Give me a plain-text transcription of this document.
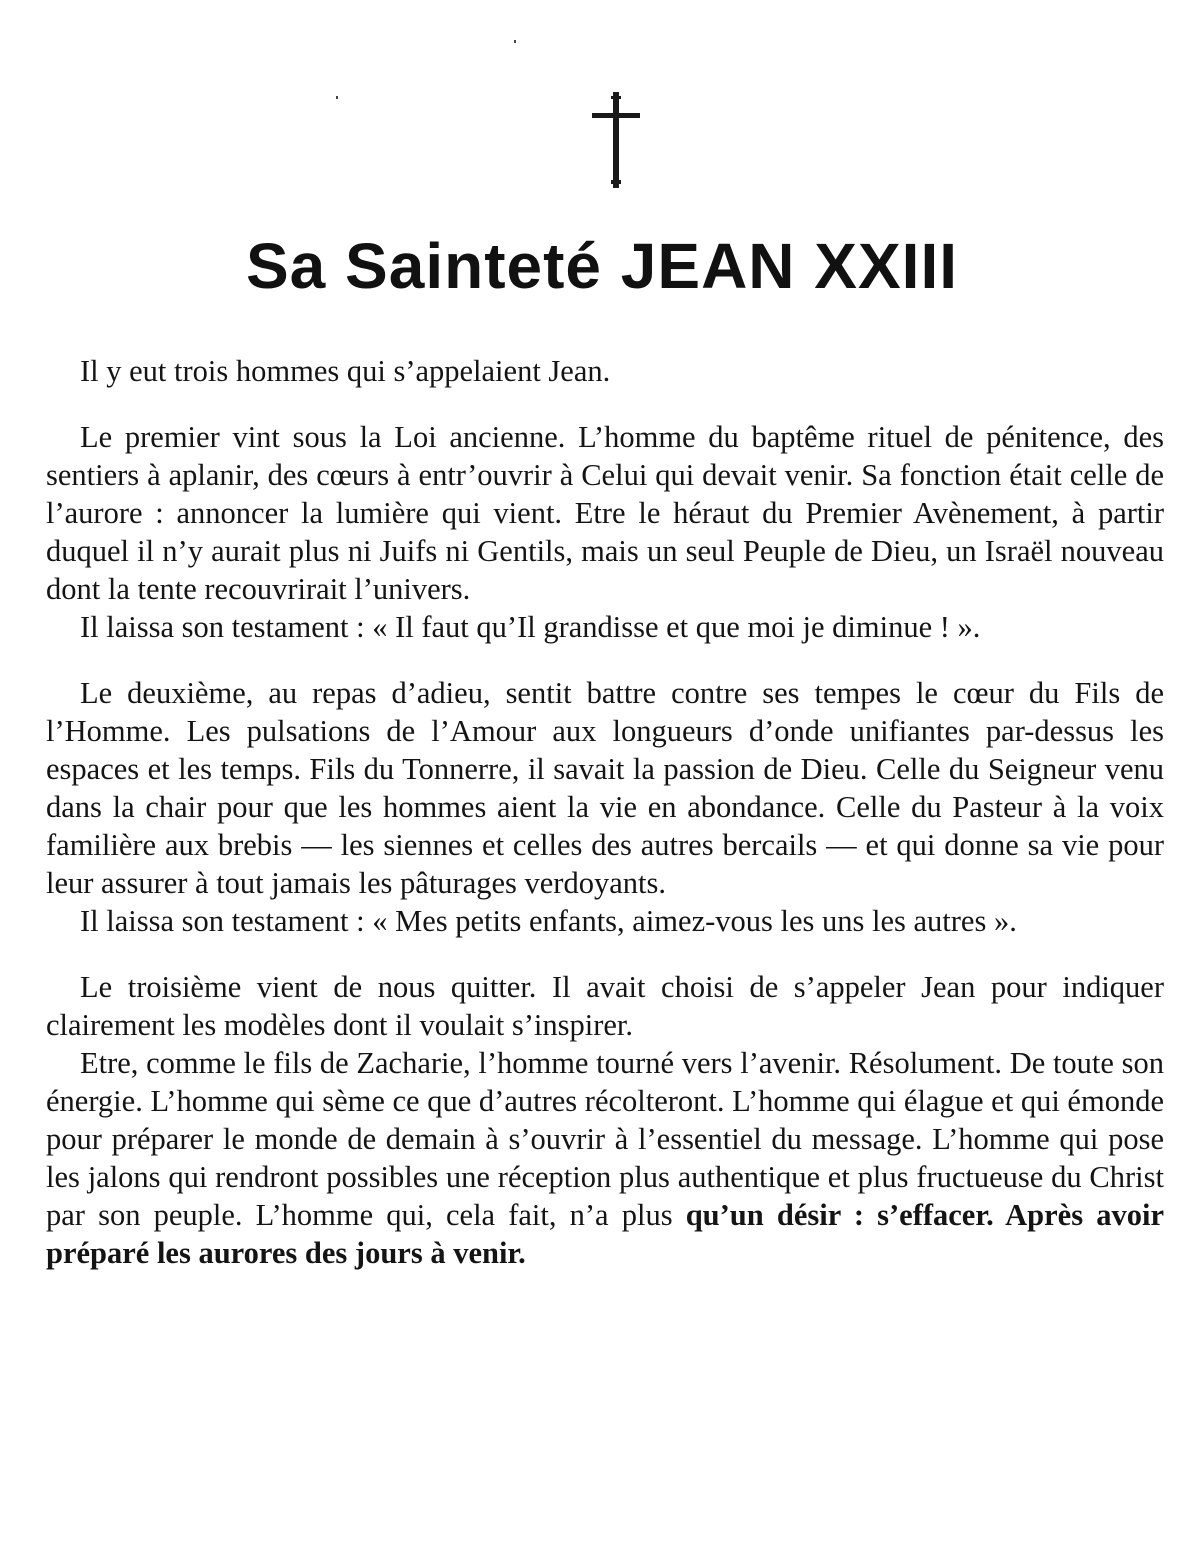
Sa Sainteté JEAN XXIII

Il y eut trois hommes qui s’appelaient Jean.

Le premier vint sous la Loi ancienne. L’homme du baptême rituel de pénitence, des sentiers à aplanir, des cœurs à entr’ouvrir à Celui qui devait venir. Sa fonction était celle de l’aurore : annoncer la lumière qui vient. Etre le héraut du Premier Avènement, à partir duquel il n’y aurait plus ni Juifs ni Gentils, mais un seul Peuple de Dieu, un Israël nouveau dont la tente recouvrirait l’univers.

Il laissa son testament : « Il faut qu’Il grandisse et que moi je diminue ! ».

Le deuxième, au repas d’adieu, sentit battre contre ses tempes le cœur du Fils de l’Homme. Les pulsations de l’Amour aux longueurs d’onde unifiantes par-dessus les espaces et les temps. Fils du Tonnerre, il savait la passion de Dieu. Celle du Seigneur venu dans la chair pour que les hommes aient la vie en abondance. Celle du Pasteur à la voix familière aux brebis — les siennes et celles des autres bercails — et qui donne sa vie pour leur assurer à tout jamais les pâturages verdoyants.

Il laissa son testament : « Mes petits enfants, aimez-vous les uns les autres ».

Le troisième vient de nous quitter. Il avait choisi de s’appeler Jean pour indiquer clairement les modèles dont il voulait s’inspirer.

Etre, comme le fils de Zacharie, l’homme tourné vers l’avenir. Résolument. De toute son énergie. L’homme qui sème ce que d’autres récolteront. L’homme qui élague et qui émonde pour préparer le monde de demain à s’ouvrir à l’essentiel du message. L’homme qui pose les jalons qui rendront possibles une réception plus authentique et plus fructueuse du Christ par son peuple. L’homme qui, cela fait, n’a plus qu’un désir : s’effacer. Après avoir préparé les aurores des jours à venir.
